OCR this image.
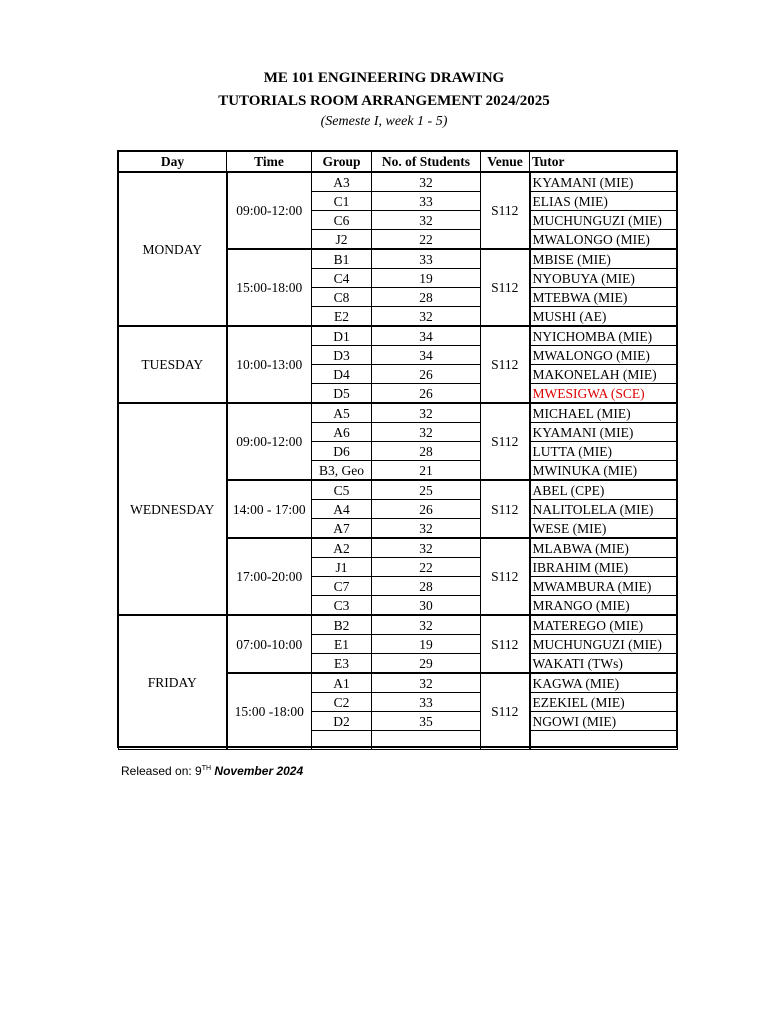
ME 101 ENGINEERING DRAWING
TUTORIALS ROOM ARRANGEMENT 2024/2025
(Semeste I, week 1 - 5)
Day	Time	Group	No. of Students	Venue	Tutor
MONDAY	09:00-12:00	A3	32	S112	KYAMANI (MIE)
		C1	33		ELIAS (MIE)
		C6	32		MUCHUNGUZI (MIE)
		J2	22		MWALONGO (MIE)
	15:00-18:00	B1	33	S112	MBISE (MIE)
		C4	19		NYOBUYA (MIE)
		C8	28		MTEBWA (MIE)
		E2	32		MUSHI (AE)
TUESDAY	10:00-13:00	D1	34	S112	NYICHOMBA (MIE)
		D3	34		MWALONGO (MIE)
		D4	26		MAKONELAH (MIE)
		D5	26		MWESIGWA (SCE)
WEDNESDAY	09:00-12:00	A5	32	S112	MICHAEL (MIE)
		A6	32		KYAMANI (MIE)
		D6	28		LUTTA (MIE)
		B3, Geo	21		MWINUKA (MIE)
	14:00 - 17:00	C5	25	S112	ABEL (CPE)
		A4	26		NALITOLELA (MIE)
		A7	32		WESE (MIE)
	17:00-20:00	A2	32	S112	MLABWA (MIE)
		J1	22		IBRAHIM (MIE)
		C7	28		MWAMBURA (MIE)
		C3	30		MRANGO (MIE)
FRIDAY	07:00-10:00	B2	32	S112	MATEREGO (MIE)
		E1	19		MUCHUNGUZI (MIE)
		E3	29		WAKATI (TWs)
	15:00 -18:00	A1	32	S112	KAGWA (MIE)
		C2	33		EZEKIEL (MIE)
		D2	35		NGOWI (MIE)

Released on: 9TH November 2024
